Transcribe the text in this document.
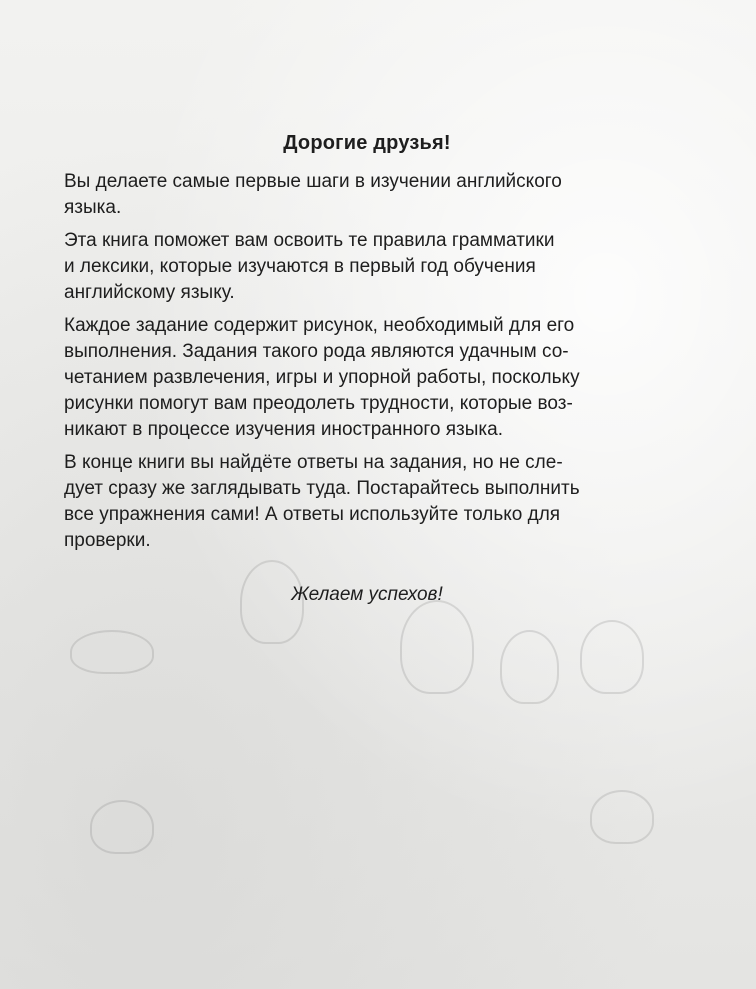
Дорогие друзья!

Вы делаете самые первые шаги в изучении английского
языка.

Эта книга поможет вам освоить те правила грамматики
и лексики, которые изучаются в первый год обучения
английскому языку.

Каждое задание содержит рисунок, необходимый для его
выполнения. Задания такого рода являются удачным со-
четанием развлечения, игры и упорной работы, поскольку
рисунки помогут вам преодолеть трудности, которые воз-
никают в процессе изучения иностранного языка.

В конце книги вы найдёте ответы на задания, но не сле-
дует сразу же заглядывать туда. Постарайтесь выполнить
все упражнения сами! А ответы используйте только для
проверки.

Желаем успехов!
